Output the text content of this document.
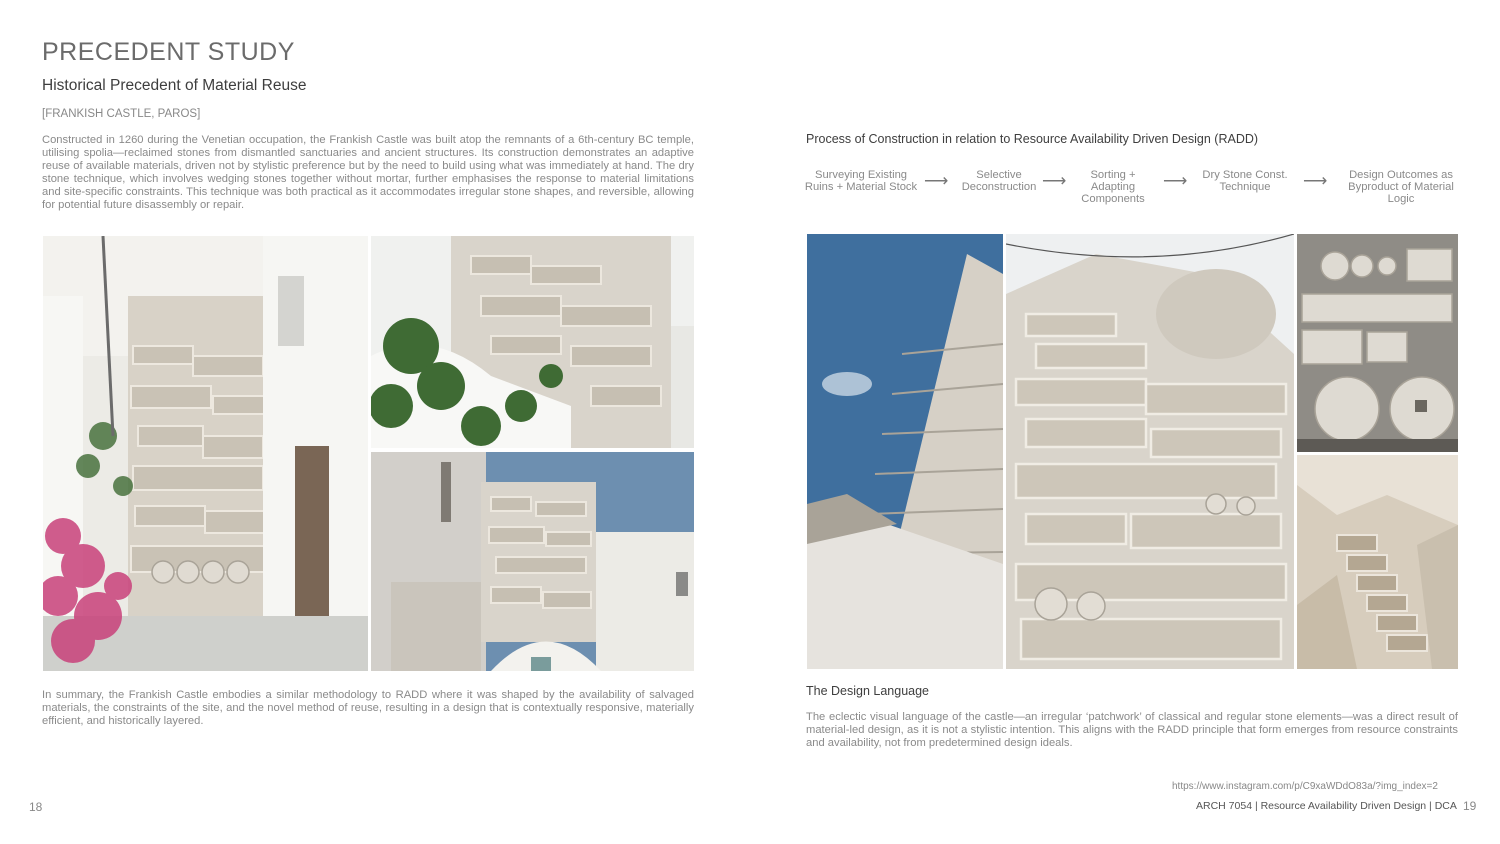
PRECEDENT STUDY
Historical Precedent of Material Reuse
[FRANKISH CASTLE, PAROS]
Constructed in 1260 during the Venetian occupation, the Frankish Castle was built atop the remnants of a 6th-century BC temple, utilising spolia—reclaimed stones from dismantled sanctuaries and ancient structures. Its construction demonstrates an adaptive reuse of available materials, driven not by stylistic preference but by the need to build using what was immediately at hand. The dry stone technique, which involves wedging stones together without mortar, further emphasises the response to material limitations and site-specific constraints. This technique was both practical as it accommodates irregular stone shapes, and reversible, allowing for potential future disassembly or repair.
In summary, the Frankish Castle embodies a similar methodology to RADD where it was shaped by the availability of salvaged materials, the constraints of the site, and the novel method of reuse, resulting in a design that is contextually responsive, materially efficient, and historically layered.
Process of Construction in relation to Resource Availability Driven Design (RADD)
Surveying Existing Ruins + Material Stock ⟶	Selective Deconstruction ⟶	Sorting + Adapting Components
⟶	Dry Stone Const. Technique	⟶	Design Outcomes as Byproduct of Material Logic
The Design Language
The eclectic visual language of the castle—an irregular ‘patchwork’ of classical and regular stone elements—was a direct result of material-led design, as it is not a stylistic intention. This aligns with the RADD principle that form emerges from resource constraints and availability, not from predetermined design ideals.
https://www.instagram.com/p/C9xaWDdO83a/?img_index=2
18	ARCH 7054 | Resource Availability Driven Design | DCA 19
